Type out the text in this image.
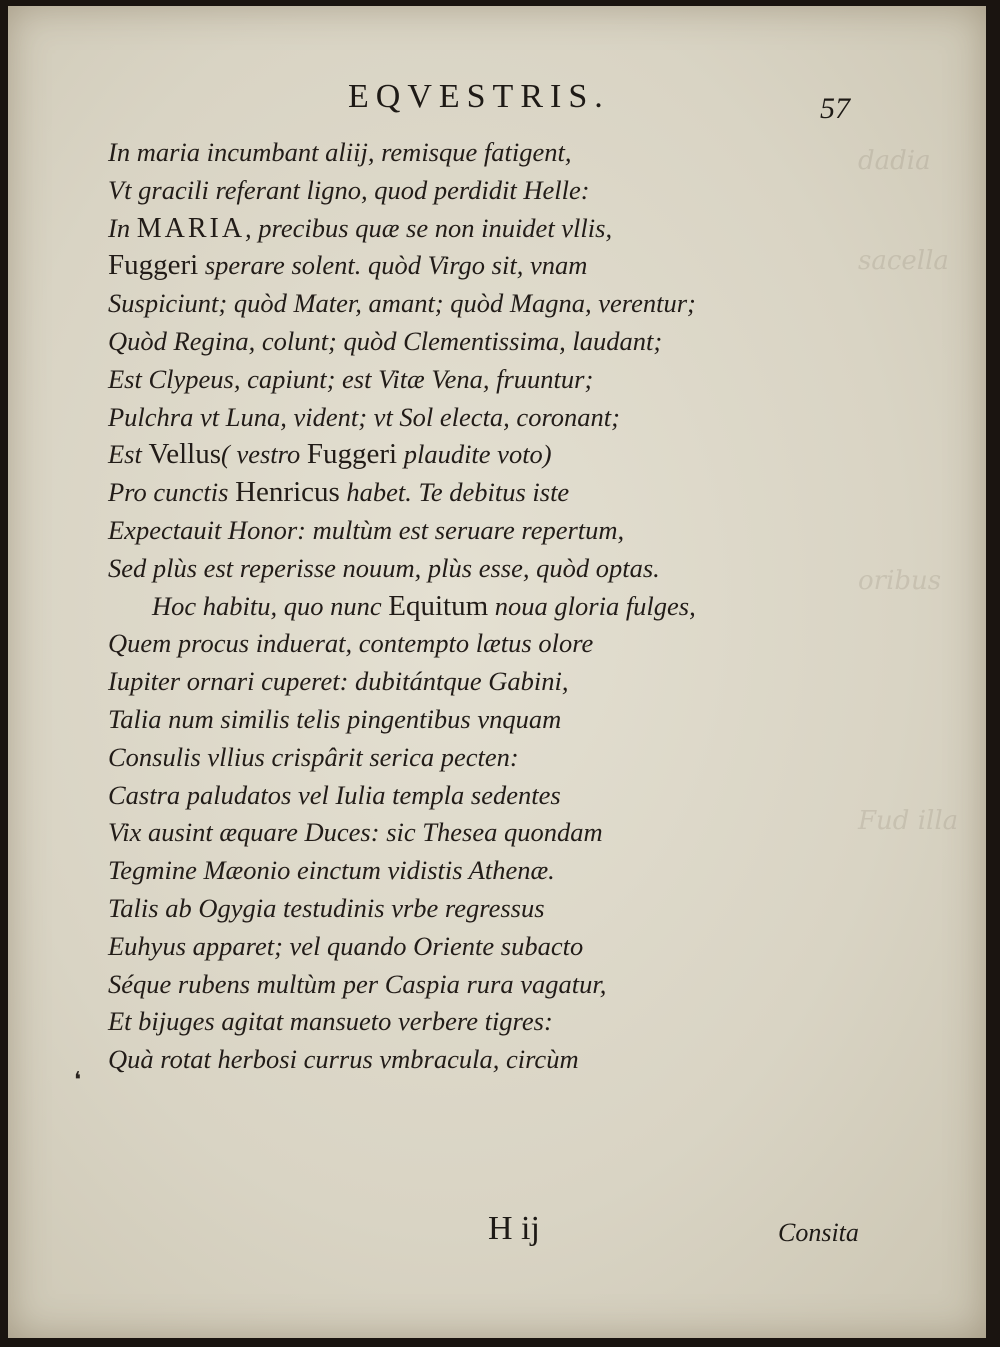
dadia
sacella
oribus
Fud illa
EQVESTRIS.	57
In maria incumbant aliij, remisque fatigent,
Vt gracili referant ligno, quod perdidit Helle:
In MARIA, precibus quæ se non inuidet vllis,
Fuggeri sperare solent. quòd Virgo sit, vnam
Suspiciunt; quòd Mater, amant; quòd Magna, verentur;
Quòd Regina, colunt; quòd Clementissima, laudant;
Est Clypeus, capiunt; est Vitæ Vena, fruuntur;
Pulchra vt Luna, vident; vt Sol electa, coronant;
Est Vellus( vestro Fuggeri plaudite voto)
Pro cunctis Henricus habet. Te debitus iste
Expectauit Honor: multùm est seruare repertum,
Sed plùs est reperisse nouum, plùs esse, quòd optas.
Hoc habitu, quo nunc Equitum noua gloria fulges,
Quem procus induerat, contempto lætus olore
Iupiter ornari cuperet: dubitántque Gabini,
Talia num similis telis pingentibus vnquam
Consulis vllius crispârit serica pecten:
Castra paludatos vel Iulia templa sedentes
Vix ausint æquare Duces: sic Thesea quondam
Tegmine Mæonio einctum vidistis Athenæ.
Talis ab Ogygia testudinis vrbe regressus
Euhyus apparet; vel quando Oriente subacto
Séque rubens multùm per Caspia rura vagatur,
Et bijuges agitat mansueto verbere tigres:
Quà rotat herbosi currus vmbracula, circùm
❛
H ij	Consita
